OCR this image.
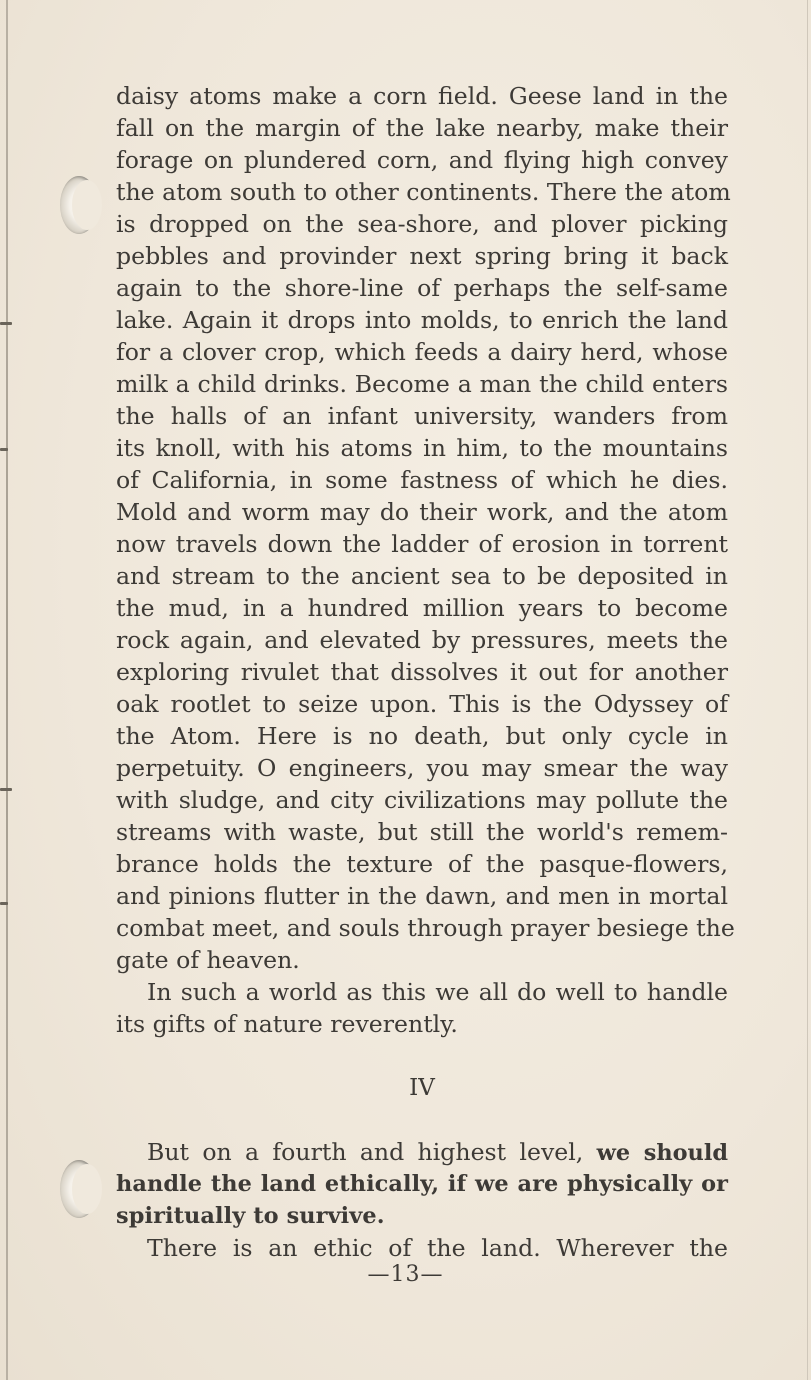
daisy atoms make a corn field. Geese land in the
fall on the margin of the lake nearby, make their
forage on plundered corn, and flying high convey
the atom south to other continents. There the atom
is dropped on the sea-shore, and plover picking
pebbles and provinder next spring bring it back
again to the shore-line of perhaps the self-same
lake. Again it drops into molds, to enrich the land
for a clover crop, which feeds a dairy herd, whose
milk a child drinks. Become a man the child enters
the halls of an infant university, wanders from
its knoll, with his atoms in him, to the mountains
of California, in some fastness of which he dies.
Mold and worm may do their work, and the atom
now travels down the ladder of erosion in torrent
and stream to the ancient sea to be deposited in
the mud, in a hundred million years to become
rock again, and elevated by pressures, meets the
exploring rivulet that dissolves it out for another
oak rootlet to seize upon. This is the Odyssey of
the Atom. Here is no death, but only cycle in
perpetuity. O engineers, you may smear the way
with sludge, and city civilizations may pollute the
streams with waste, but still the world's remem-
brance holds the texture of the pasque-flowers,
and pinions flutter in the dawn, and men in mortal
combat meet, and souls through prayer besiege the
gate of heaven.
In such a world as this we all do well to handle
its gifts of nature reverently.
IV
But on a fourth and highest level, we should
handle the land ethically, if we are physically or
spiritually to survive.
There is an ethic of the land. Wherever the
—13—
